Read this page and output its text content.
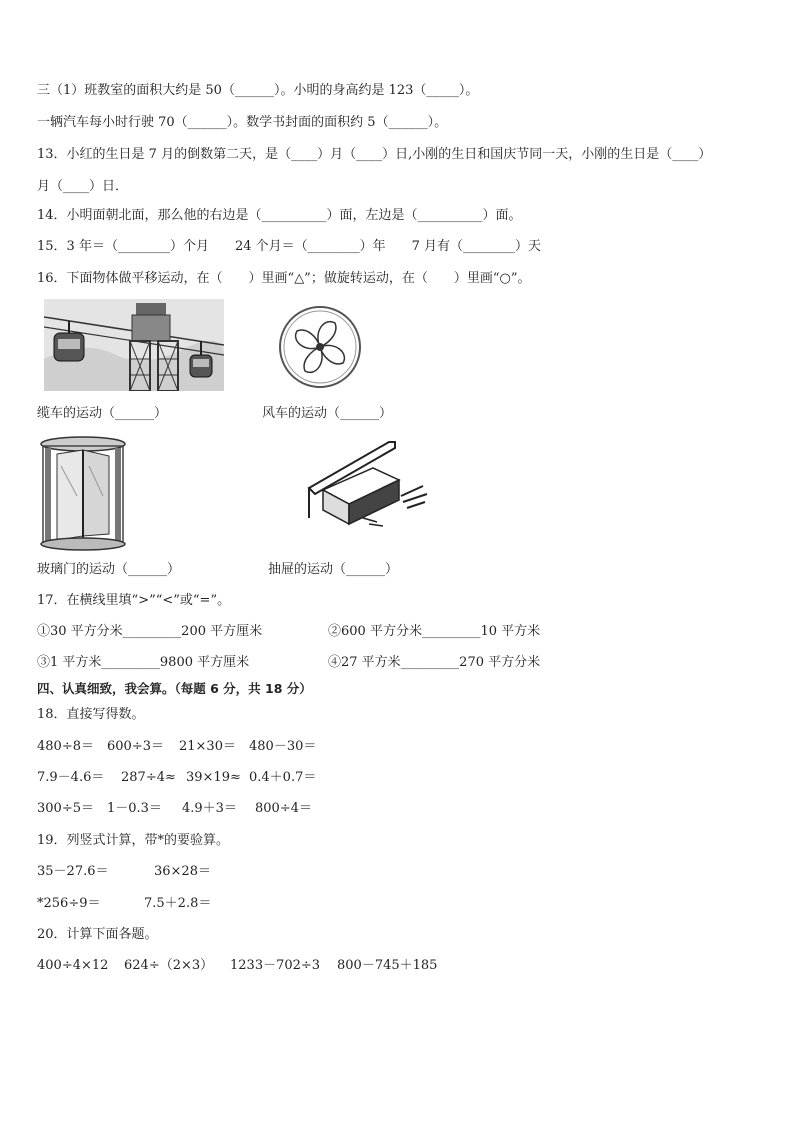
三（1）班教室的面积大约是 50（______）。小明的身高约是 123（_____）。
一辆汽车每小时行驶 70（______）。数学书封面的面积约 5（______）。
13．小红的生日是 7 月的倒数第二天，是（____）月（____）日,小刚的生日和国庆节同一天，小刚的生日是（____）
月（____）日．
14．小明面朝北面，那么他的右边是（__________）面，左边是（__________）面。
15．3 年＝（________）个月　　24 个月＝（________）年　　7 月有（________）天
16．下面物体做平移运动，在（　　）里画“△”；做旋转运动，在（　　）里画“○”。
缆车的运动（______）	风车的运动（______）
玻璃门的运动（______）	抽屉的运动（______）
17．在横线里填“>”“<”或“=”。
①30 平方分米_________200 平方厘米	②600 平方分米_________10 平方米
③1 平方米_________9800 平方厘米	④27 平方米_________270 平方分米
四、认真细致，我会算。（每题 6 分，共 18 分）
18．直接写得数。
480÷8＝ 600÷3＝ 21×30＝ 480－30＝
7.9－4.6＝ 287÷4≈ 39×19≈ 0.4＋0.7＝
300÷5＝ 1－0.3＝ 4.9＋3＝ 800÷4＝
19．列竖式计算，带*的要验算。
35－27.6＝	36×28＝
*256÷9＝	7.5＋2.8＝
20．计算下面各题。
400÷4×12 624÷（2×3） 1233－702÷3 800－745＋185
